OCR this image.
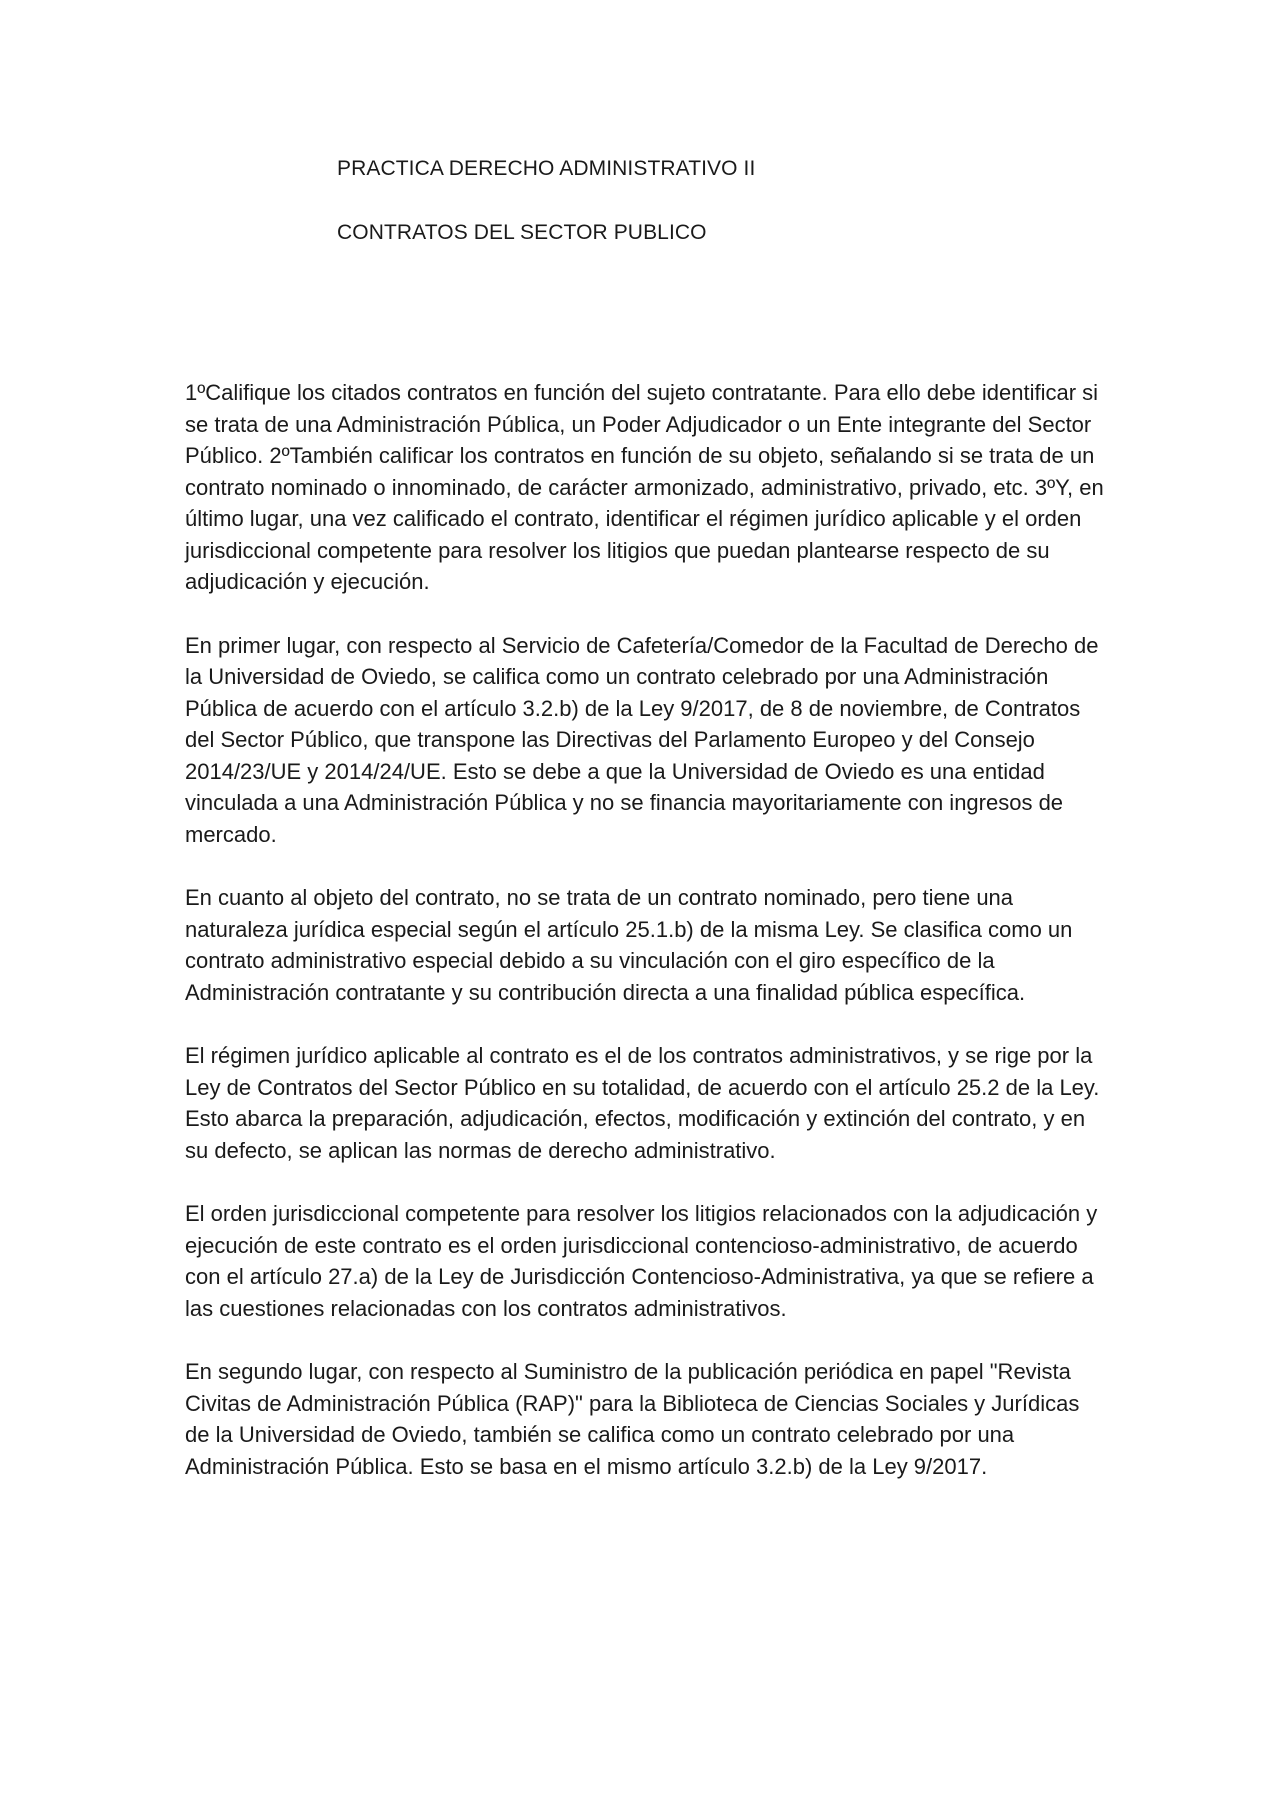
PRACTICA DERECHO ADMINISTRATIVO II
CONTRATOS DEL SECTOR PUBLICO

1ºCalifique los citados contratos en función del sujeto contratante. Para ello debe identificar si se trata de una Administración Pública, un Poder Adjudicador o un Ente integrante del Sector Público. 2ºTambién calificar los contratos en función de su objeto, señalando si se trata de un contrato nominado o innominado, de carácter armonizado, administrativo, privado, etc. 3ºY, en último lugar, una vez calificado el contrato, identificar el régimen jurídico aplicable y el orden jurisdiccional competente para resolver los litigios que puedan plantearse respecto de su adjudicación y ejecución.

En primer lugar, con respecto al Servicio de Cafetería/Comedor de la Facultad de Derecho de la Universidad de Oviedo, se califica como un contrato celebrado por una Administración Pública de acuerdo con el artículo 3.2.b) de la Ley 9/2017, de 8 de noviembre, de Contratos del Sector Público, que transpone las Directivas del Parlamento Europeo y del Consejo 2014/23/UE y 2014/24/UE. Esto se debe a que la Universidad de Oviedo es una entidad vinculada a una Administración Pública y no se financia mayoritariamente con ingresos de mercado.

En cuanto al objeto del contrato, no se trata de un contrato nominado, pero tiene una naturaleza jurídica especial según el artículo 25.1.b) de la misma Ley. Se clasifica como un contrato administrativo especial debido a su vinculación con el giro específico de la Administración contratante y su contribución directa a una finalidad pública específica.

El régimen jurídico aplicable al contrato es el de los contratos administrativos, y se rige por la Ley de Contratos del Sector Público en su totalidad, de acuerdo con el artículo 25.2 de la Ley. Esto abarca la preparación, adjudicación, efectos, modificación y extinción del contrato, y en su defecto, se aplican las normas de derecho administrativo.

El orden jurisdiccional competente para resolver los litigios relacionados con la adjudicación y ejecución de este contrato es el orden jurisdiccional contencioso-administrativo, de acuerdo con el artículo 27.a) de la Ley de Jurisdicción Contencioso-Administrativa, ya que se refiere a las cuestiones relacionadas con los contratos administrativos.

En segundo lugar, con respecto al Suministro de la publicación periódica en papel "Revista Civitas de Administración Pública (RAP)" para la Biblioteca de Ciencias Sociales y Jurídicas de la Universidad de Oviedo, también se califica como un contrato celebrado por una Administración Pública. Esto se basa en el mismo artículo 3.2.b) de la Ley 9/2017.
